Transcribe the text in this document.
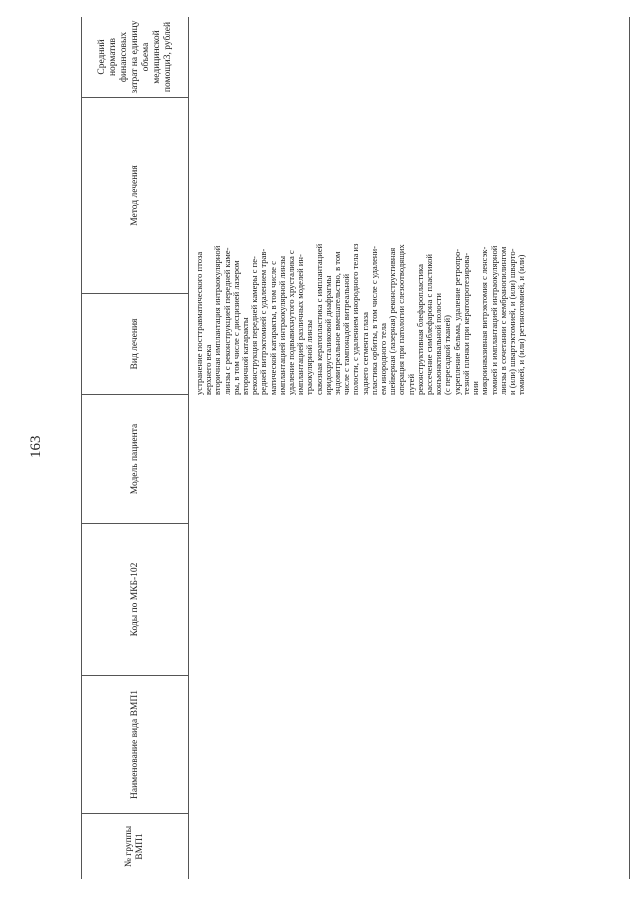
163
№ группы ВМП1
Наименование вида ВМП1
Коды по МКБ-102
Модель пациента
Вид лечения
Метод лечения
Средний норматив финансовых затрат на единицу объема медицинской помощи3, рублей
устранение посттравматического птоза верхнего века вторичная имплантация интраокулярной линзы с реконструкцией передней каме- ры, в том числе с дисцизией лазером вторичной катаракты реконструкция передней камеры с пе- редней витрэктомией с удалением трав- матической катаракты, в том числе с имплантацией интраокулярной линзы удаление подвывихнутого хрусталика с имплантацией различных моделей ин- траокулярной линзы сквозная кератопластика с имплантацией иридохрусталиковой диафрагмы эндовитреальное вмешательство, в том числе с тампонадой витреальной полости, с удалением инородного тела из заднего сегмента глаза пластика орбиты, в том числе с удалени- ем инородного тела шейверная (лазерная) реконструктивная операция при патологии слезоотводящих путей реконструктивная блефаропластика рассечение симблефарона с пластикой конъюнктивальной полости (с пересадкой тканей) укрепление бельма, удаление ретропро- тезной пленки при кератопротезирова- нии микроинвазивная витрэктомия с ленсэк- томией и имплантацией интраокулярной линзы в сочетании с мембранопилингом и (или) швартэктомией, и (или) швартo- томией, и (или) ретинотомией, и (или)
